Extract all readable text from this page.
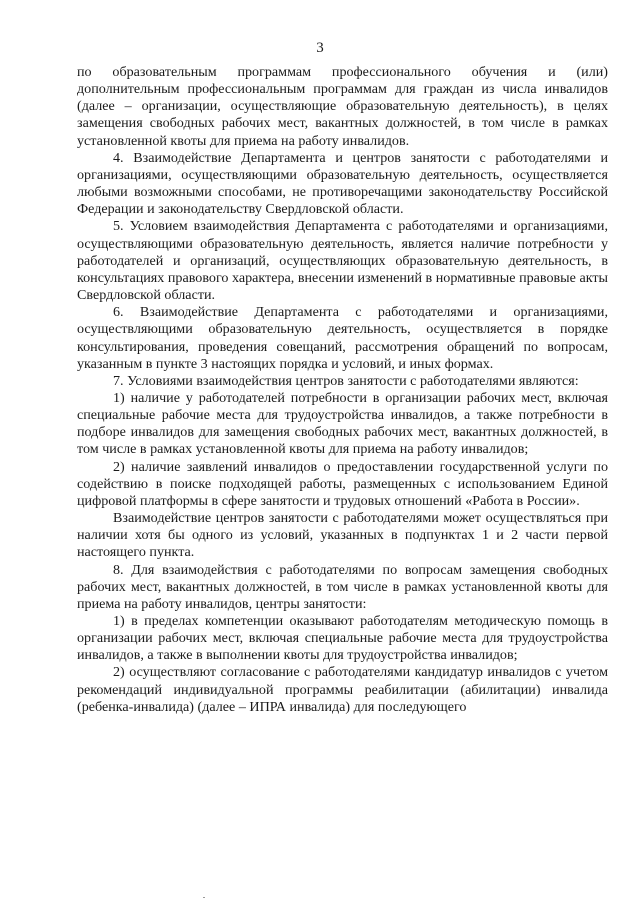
3

по образовательным программам профессионального обучения и (или) дополнительным профессиональным программам для граждан из числа инвалидов (далее – организации, осуществляющие образовательную деятельность), в целях замещения свободных рабочих мест, вакантных должностей, в том числе в рамках установленной квоты для приема на работу инвалидов.

4. Взаимодействие Департамента и центров занятости с работодателями и организациями, осуществляющими образовательную деятельность, осуществляется любыми возможными способами, не противоречащими законодательству Российской Федерации и законодательству Свердловской области.

5. Условием взаимодействия Департамента с работодателями и организациями, осуществляющими образовательную деятельность, является наличие потребности у работодателей и организаций, осуществляющих образовательную деятельность, в консультациях правового характера, внесении изменений в нормативные правовые акты Свердловской области.

6. Взаимодействие Департамента с работодателями и организациями, осуществляющими образовательную деятельность, осуществляется в порядке консультирования, проведения совещаний, рассмотрения обращений по вопросам, указанным в пункте 3 настоящих порядка и условий, и иных формах.

7. Условиями взаимодействия центров занятости с работодателями являются:

1) наличие у работодателей потребности в организации рабочих мест, включая специальные рабочие места для трудоустройства инвалидов, а также потребности в подборе инвалидов для замещения свободных рабочих мест, вакантных должностей, в том числе в рамках установленной квоты для приема на работу инвалидов;

2) наличие заявлений инвалидов о предоставлении государственной услуги по содействию в поиске подходящей работы, размещенных с использованием Единой цифровой платформы в сфере занятости и трудовых отношений «Работа в России».

Взаимодействие центров занятости с работодателями может осуществляться при наличии хотя бы одного из условий, указанных в подпунктах 1 и 2 части первой настоящего пункта.

8. Для взаимодействия с работодателями по вопросам замещения свободных рабочих мест, вакантных должностей, в том числе в рамках установленной квоты для приема на работу инвалидов, центры занятости:

1) в пределах компетенции оказывают работодателям методическую помощь в организации рабочих мест, включая специальные рабочие места для трудоустройства инвалидов, а также в выполнении квоты для трудоустройства инвалидов;

2) осуществляют согласование с работодателями кандидатур инвалидов с учетом рекомендаций индивидуальной программы реабилитации (абилитации) инвалида (ребенка-инвалида) (далее – ИПРА инвалида) для последующего
